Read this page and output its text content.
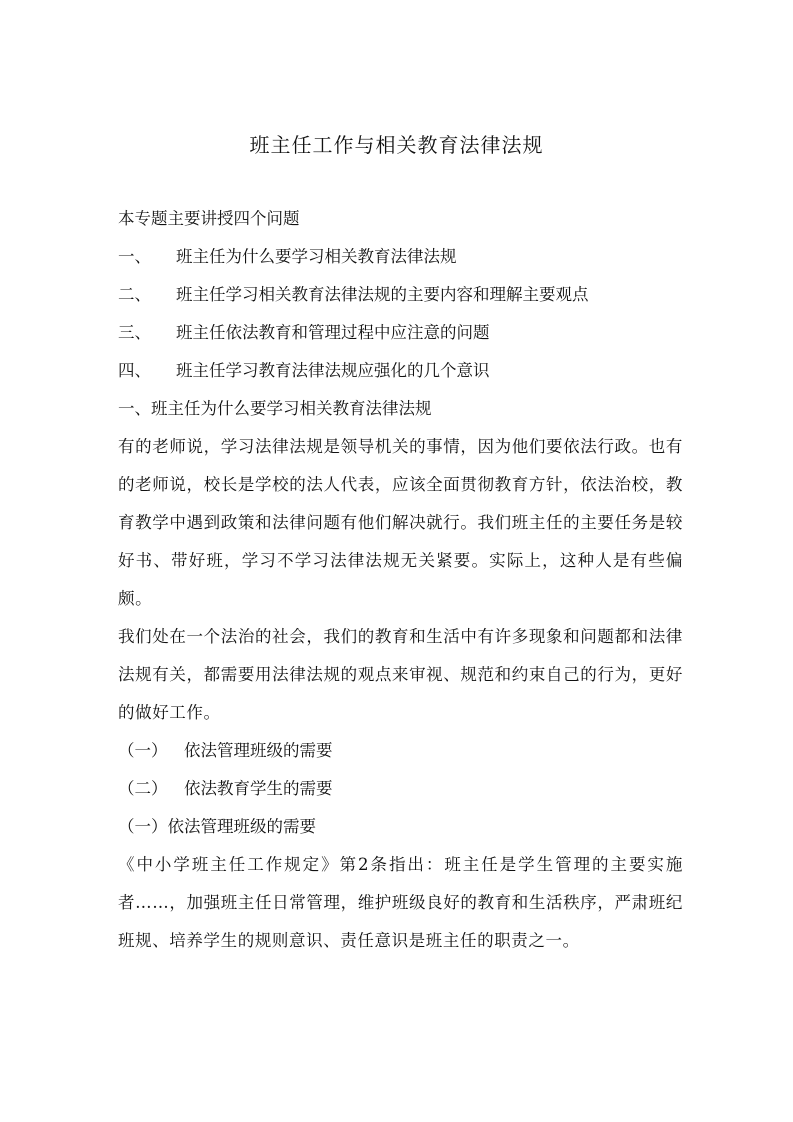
班主任工作与相关教育法律法规
本专题主要讲授四个问题
一、 班主任为什么要学习相关教育法律法规
二、 班主任学习相关教育法律法规的主要内容和理解主要观点
三、 班主任依法教育和管理过程中应注意的问题
四、 班主任学习教育法律法规应强化的几个意识
一、班主任为什么要学习相关教育法律法规

有的老师说，学习法律法规是领导机关的事情，因为他们要依法行政。也有的老师说，校长是学校的法人代表，应该全面贯彻教育方针，依法治校，教育教学中遇到政策和法律问题有他们解决就行。我们班主任的主要任务是较好书、带好班，学习不学习法律法规无关紧要。实际上，这种人是有些偏颇。

我们处在一个法治的社会，我们的教育和生活中有许多现象和问题都和法律法规有关，都需要用法律法规的观点来审视、规范和约束自己的行为，更好的做好工作。

（一） 依法管理班级的需要
（二） 依法教育学生的需要
（一）依法管理班级的需要

《中小学班主任工作规定》第2条指出：班主任是学生管理的主要实施者……，加强班主任日常管理，维护班级良好的教育和生活秩序，严肃班纪班规、培养学生的规则意识、责任意识是班主任的职责之一。
